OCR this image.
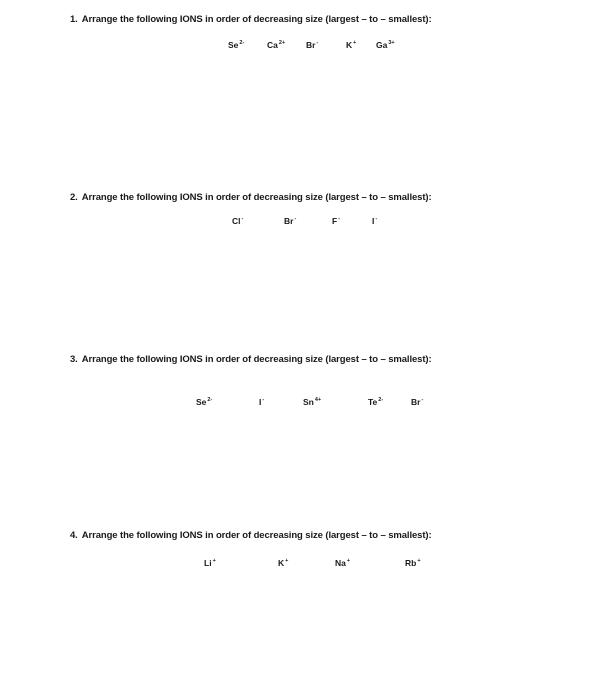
1. Arrange the following IONS in order of decreasing size (largest – to – smallest):
$Se^{2-}$	$Ca^{2+}$ Br-	K+ $Ga^{3+}$
2. Arrange the following IONS in order of decreasing size (largest – to – smallest):
Cl-	Br-	F-	I-
3. Arrange the following IONS in order of decreasing size (largest – to – smallest):
$Se^{2-}$	I-	$Sn^{4+}$	$Te^{2-}$	Br-
4. Arrange the following IONS in order of decreasing size (largest – to – smallest):
Li+	K+	Na+	Rb+
